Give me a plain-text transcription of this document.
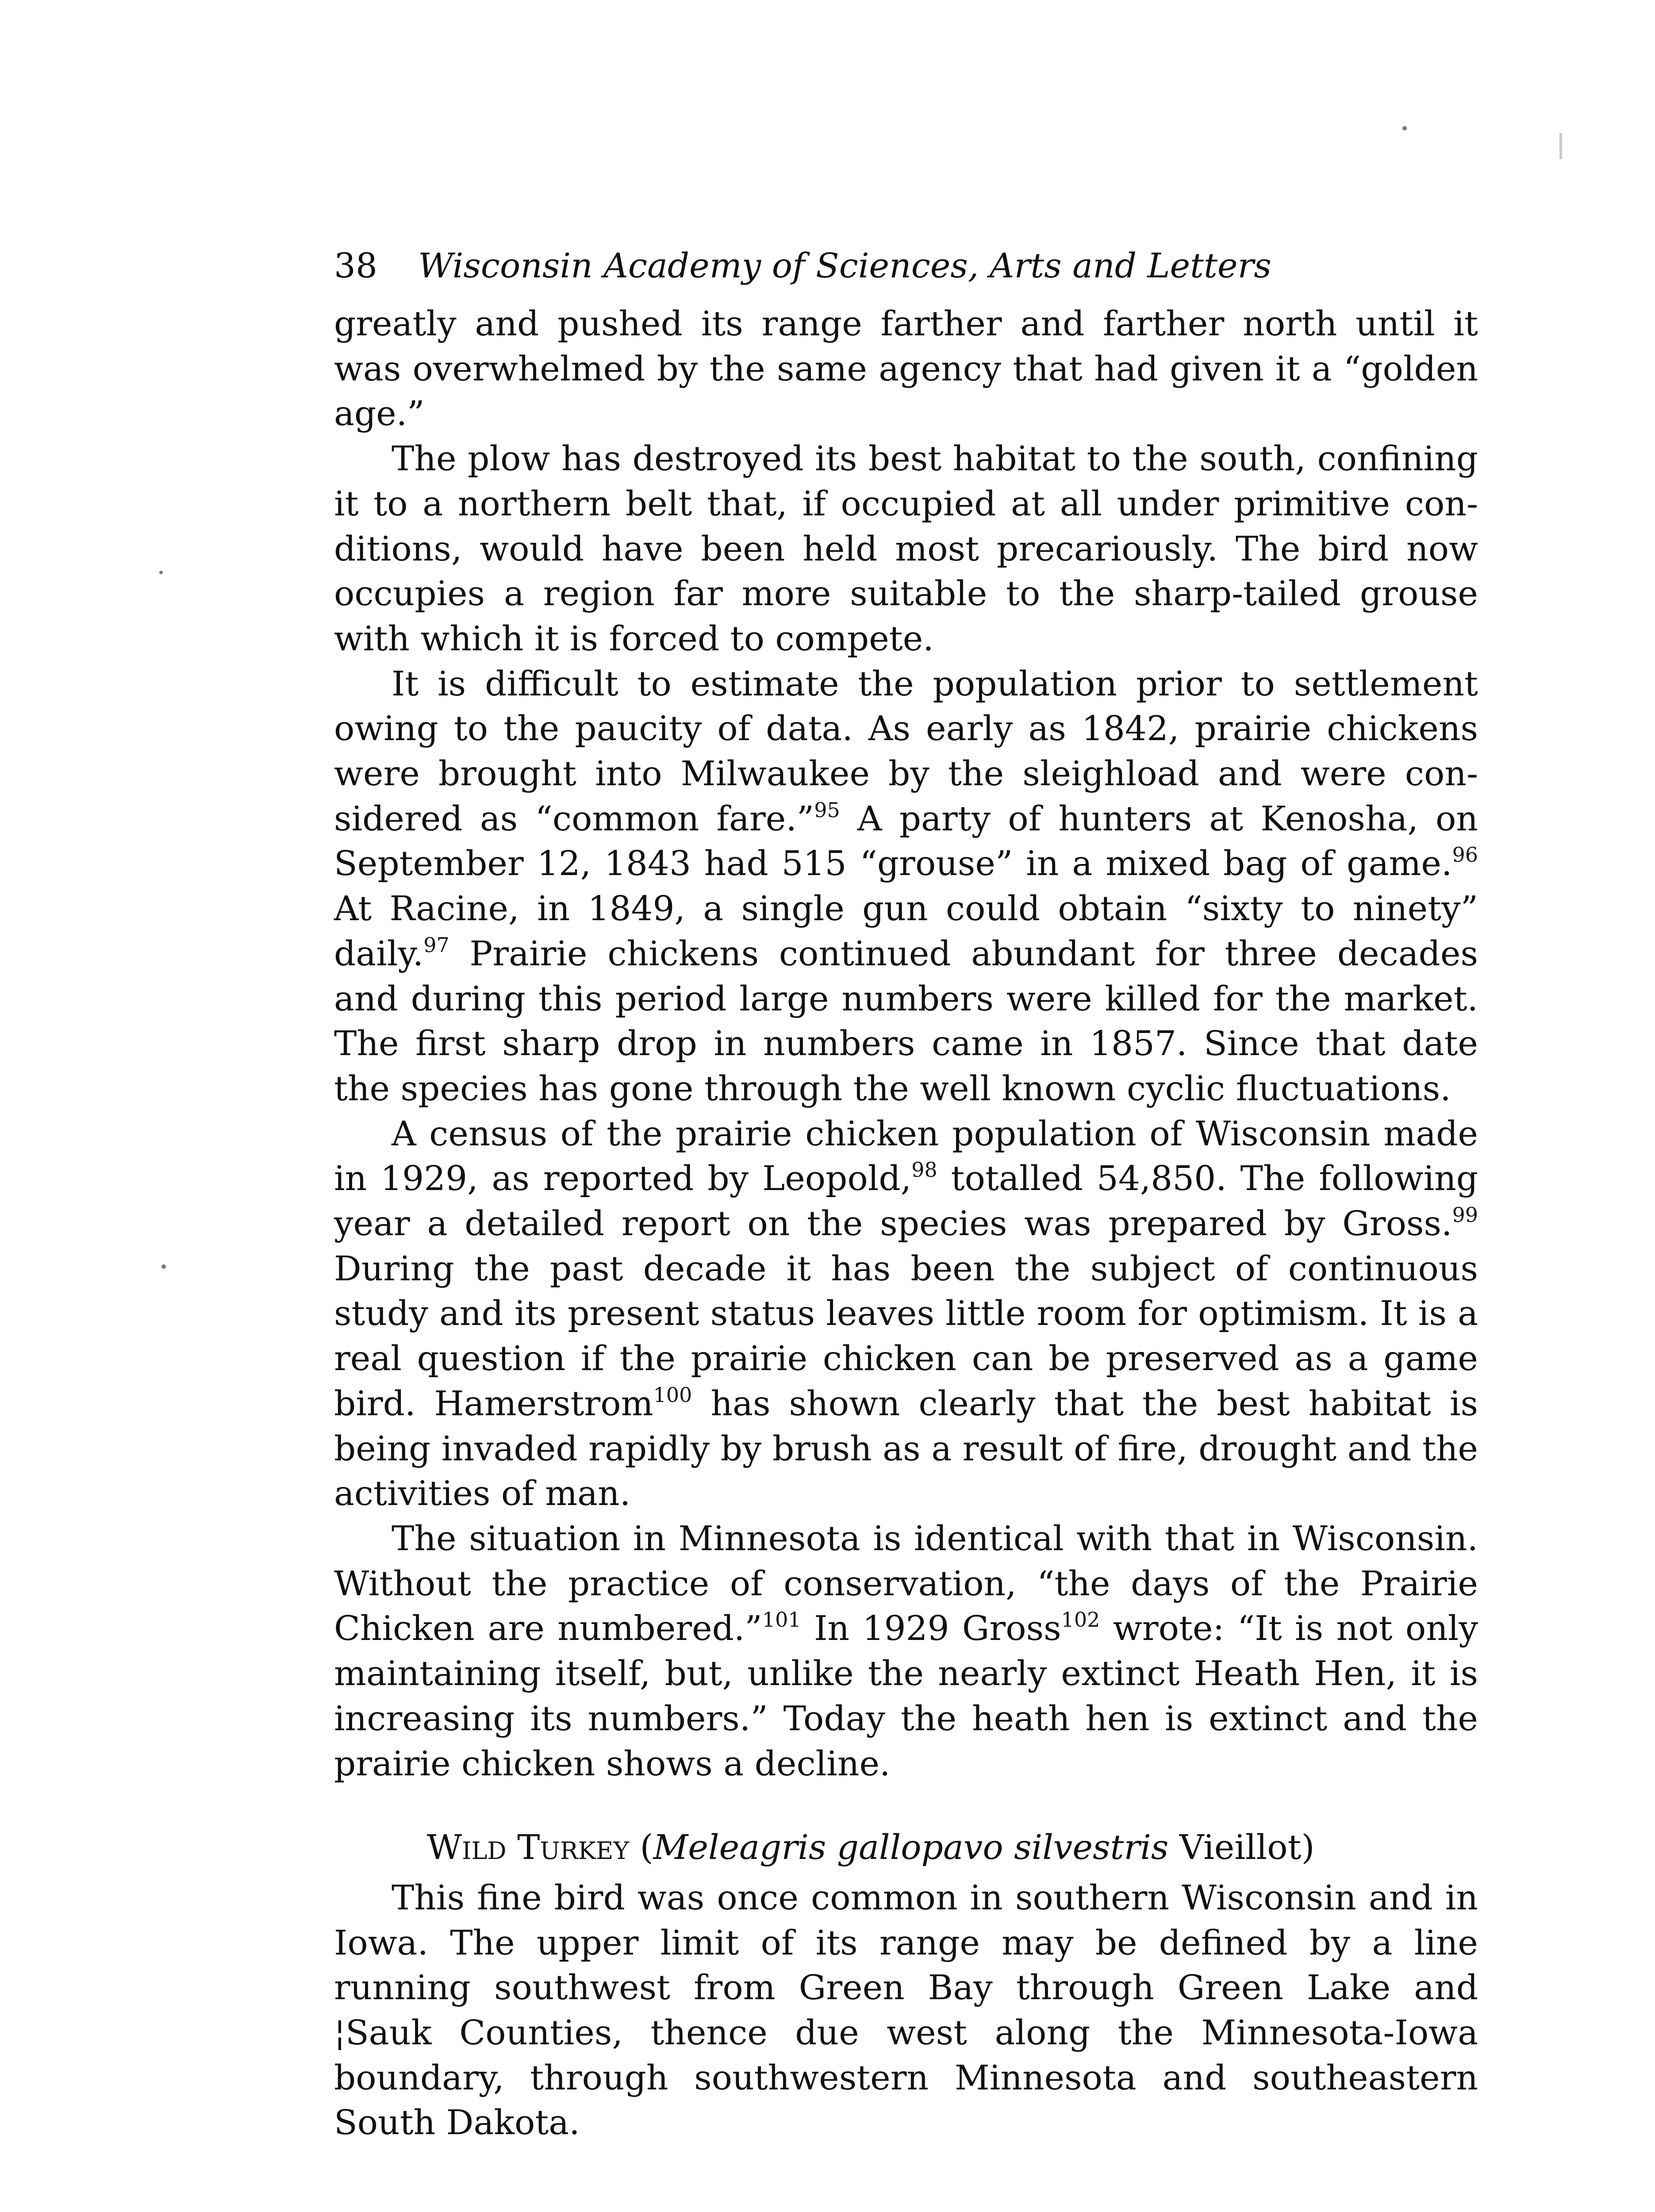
38	Wisconsin Academy of Sciences, Arts and Letters

greatly and pushed its range farther and farther north until it was overwhelmed by the same agency that had given it a “golden age.”

The plow has destroyed its best habitat to the south, confining it to a northern belt that, if occupied at all under primitive con- ditions, would have been held most precariously. The bird now occupies a region far more suitable to the sharp-tailed grouse with which it is forced to compete.

It is difficult to estimate the population prior to settlement owing to the paucity of data. As early as 1842, prairie chickens were brought into Milwaukee by the sleighload and were con- sidered as “common fare.”$^{95}$ A party of hunters at Kenosha, on September 12, 1843 had 515 “grouse” in a mixed bag of game.$^{96}$ At Racine, in 1849, a single gun could obtain “sixty to ninety” daily.$^{97}$ Prairie chickens continued abundant for three decades and during this period large numbers were killed for the market. The first sharp drop in numbers came in 1857. Since that date the species has gone through the well known cyclic fluctuations.

A census of the prairie chicken population of Wisconsin made in 1929, as reported by Leopold,$^{98}$ totalled 54,850. The following year a detailed report on the species was prepared by Gross.$^{99}$ During the past decade it has been the subject of continuous study and its present status leaves little room for optimism. It is a real question if the prairie chicken can be preserved as a game bird. Hamerstrom$^{100}$ has shown clearly that the best habitat is being invaded rapidly by brush as a result of fire, drought and the activities of man.

The situation in Minnesota is identical with that in Wisconsin. Without the practice of conservation, “the days of the Prairie Chicken are numbered.”$^{101}$ In 1929 Gross$^{102}$ wrote: “It is not only maintaining itself, but, unlike the nearly extinct Heath Hen, it is increasing its numbers.” Today the heath hen is extinct and the prairie chicken shows a decline.

Wild Turkey (Meleagris gallopavo silvestris Vieillot)

This fine bird was once common in southern Wisconsin and in Iowa. The upper limit of its range may be defined by a line running southwest from Green Bay through Green Lake and ¦Sauk Counties, thence due west along the Minnesota-Iowa boundary, through southwestern Minnesota and southeastern South Dakota.
